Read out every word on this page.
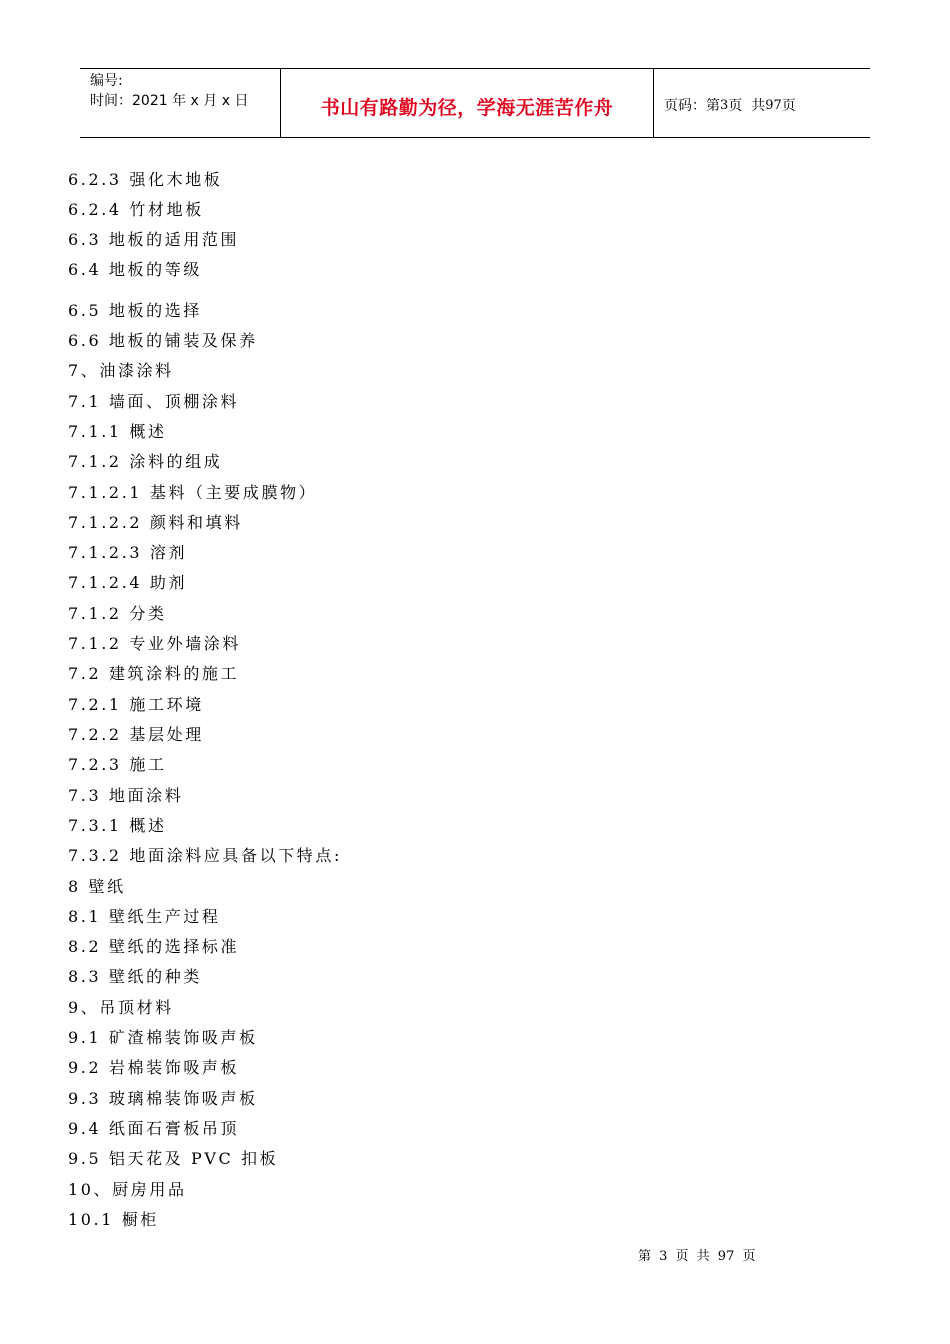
编号:
时间：2021 年 x 月 x 日	书山有路勤为径，学海无涯苦作舟	页码：第 3 页  共 97 页
6.2.3 强化木地板
6.2.4 竹材地板
6.3 地板的适用范围
6.4 地板的等级
6.5 地板的选择
6.6 地板的铺装及保养
7、油漆涂料
7.1 墙面、顶棚涂料
7.1.1 概述
7.1.2 涂料的组成
7.1.2.1 基料（主要成膜物）
7.1.2.2 颜料和填料
7.1.2.3 溶剂
7.1.2.4 助剂
7.1.2 分类
7.1.2 专业外墙涂料
7.2 建筑涂料的施工
7.2.1 施工环境
7.2.2 基层处理
7.2.3 施工
7.3 地面涂料
7.3.1 概述
7.3.2 地面涂料应具备以下特点:
8 壁纸
8.1 壁纸生产过程
8.2 壁纸的选择标准
8.3 壁纸的种类
9、吊顶材料
9.1 矿渣棉装饰吸声板
9.2 岩棉装饰吸声板
9.3 玻璃棉装饰吸声板
9.4 纸面石膏板吊顶
9.5 铝天花及 PVC 扣板
10、厨房用品
10.1 橱柜
第 3 页 共 97 页
